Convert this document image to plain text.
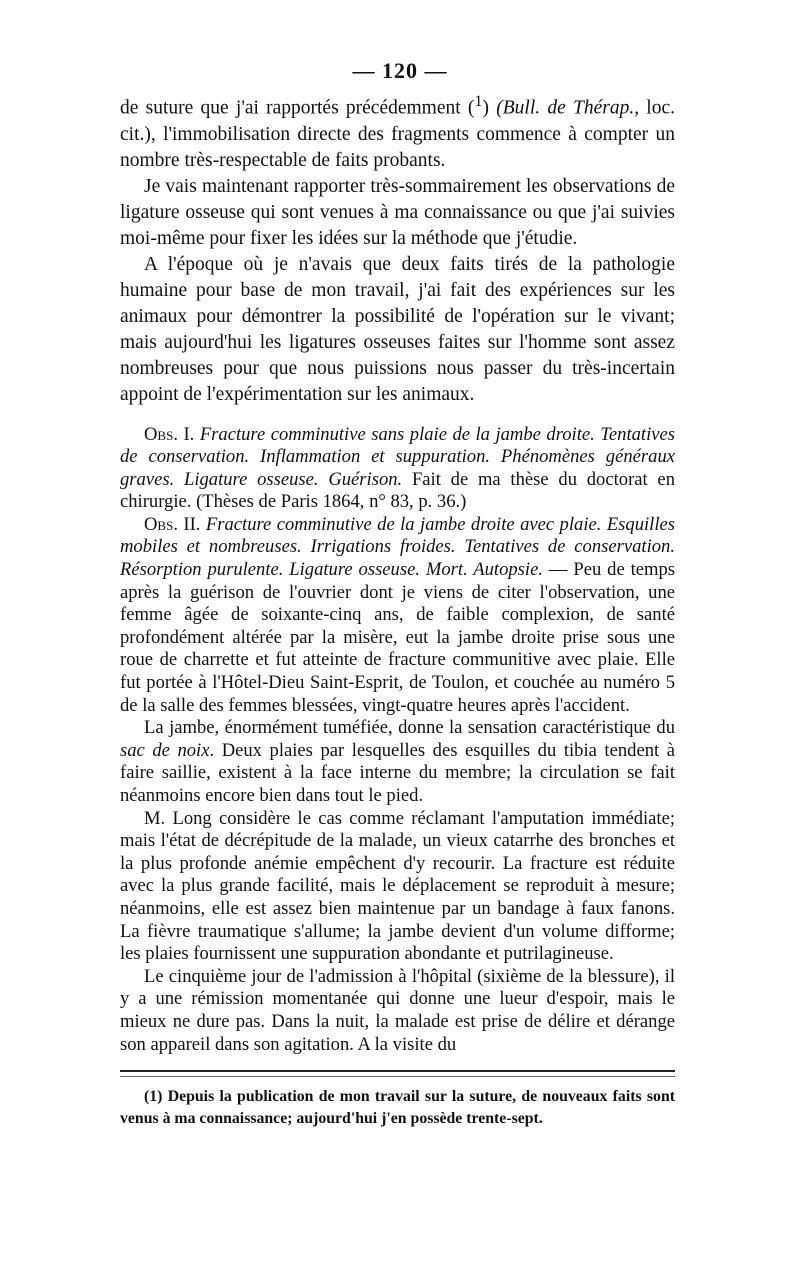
— 120 —

de suture que j'ai rapportés précédemment ($^1$) (Bull. de Thérap., loc. cit.), l'immobilisation directe des fragments commence à compter un nombre très-respectable de faits probants.

Je vais maintenant rapporter très-sommairement les observations de ligature osseuse qui sont venues à ma connaissance ou que j'ai suivies moi-même pour fixer les idées sur la méthode que j'étudie.

A l'époque où je n'avais que deux faits tirés de la pathologie humaine pour base de mon travail, j'ai fait des expériences sur les animaux pour démontrer la possibilité de l'opération sur le vivant; mais aujourd'hui les ligatures osseuses faites sur l'homme sont assez nombreuses pour que nous puissions nous passer du très-incertain appoint de l'expérimentation sur les animaux.

Obs. I. Fracture comminutive sans plaie de la jambe droite. Tentatives de conservation. Inflammation et suppuration. Phénomènes généraux graves. Ligature osseuse. Guérison. Fait de ma thèse du doctorat en chirurgie. (Thèses de Paris 1864, n° 83, p. 36.)

Obs. II. Fracture comminutive de la jambe droite avec plaie. Esquilles mobiles et nombreuses. Irrigations froides. Tentatives de conservation. Résorption purulente. Ligature osseuse. Mort. Autopsie. — Peu de temps après la guérison de l'ouvrier dont je viens de citer l'observation, une femme âgée de soixante-cinq ans, de faible complexion, de santé profondément altérée par la misère, eut la jambe droite prise sous une roue de charrette et fut atteinte de fracture communitive avec plaie. Elle fut portée à l'Hôtel-Dieu Saint-Esprit, de Toulon, et couchée au numéro 5 de la salle des femmes blessées, vingt-quatre heures après l'accident.

La jambe, énormément tuméfiée, donne la sensation caractéristique du sac de noix. Deux plaies par lesquelles des esquilles du tibia tendent à faire saillie, existent à la face interne du membre; la circulation se fait néanmoins encore bien dans tout le pied.

M. Long considère le cas comme réclamant l'amputation immédiate; mais l'état de décrépitude de la malade, un vieux catarrhe des bronches et la plus profonde anémie empêchent d'y recourir. La fracture est réduite avec la plus grande facilité, mais le déplacement se reproduit à mesure; néanmoins, elle est assez bien maintenue par un bandage à faux fanons. La fièvre traumatique s'allume; la jambe devient d'un volume difforme; les plaies fournissent une suppuration abondante et putrilagineuse.

Le cinquième jour de l'admission à l'hôpital (sixième de la blessure), il y a une rémission momentanée qui donne une lueur d'espoir, mais le mieux ne dure pas. Dans la nuit, la malade est prise de délire et dérange son appareil dans son agitation. A la visite du

(1) Depuis la publication de mon travail sur la suture, de nouveaux faits sont venus à ma connaissance; aujourd'hui j'en possède trente-sept.
